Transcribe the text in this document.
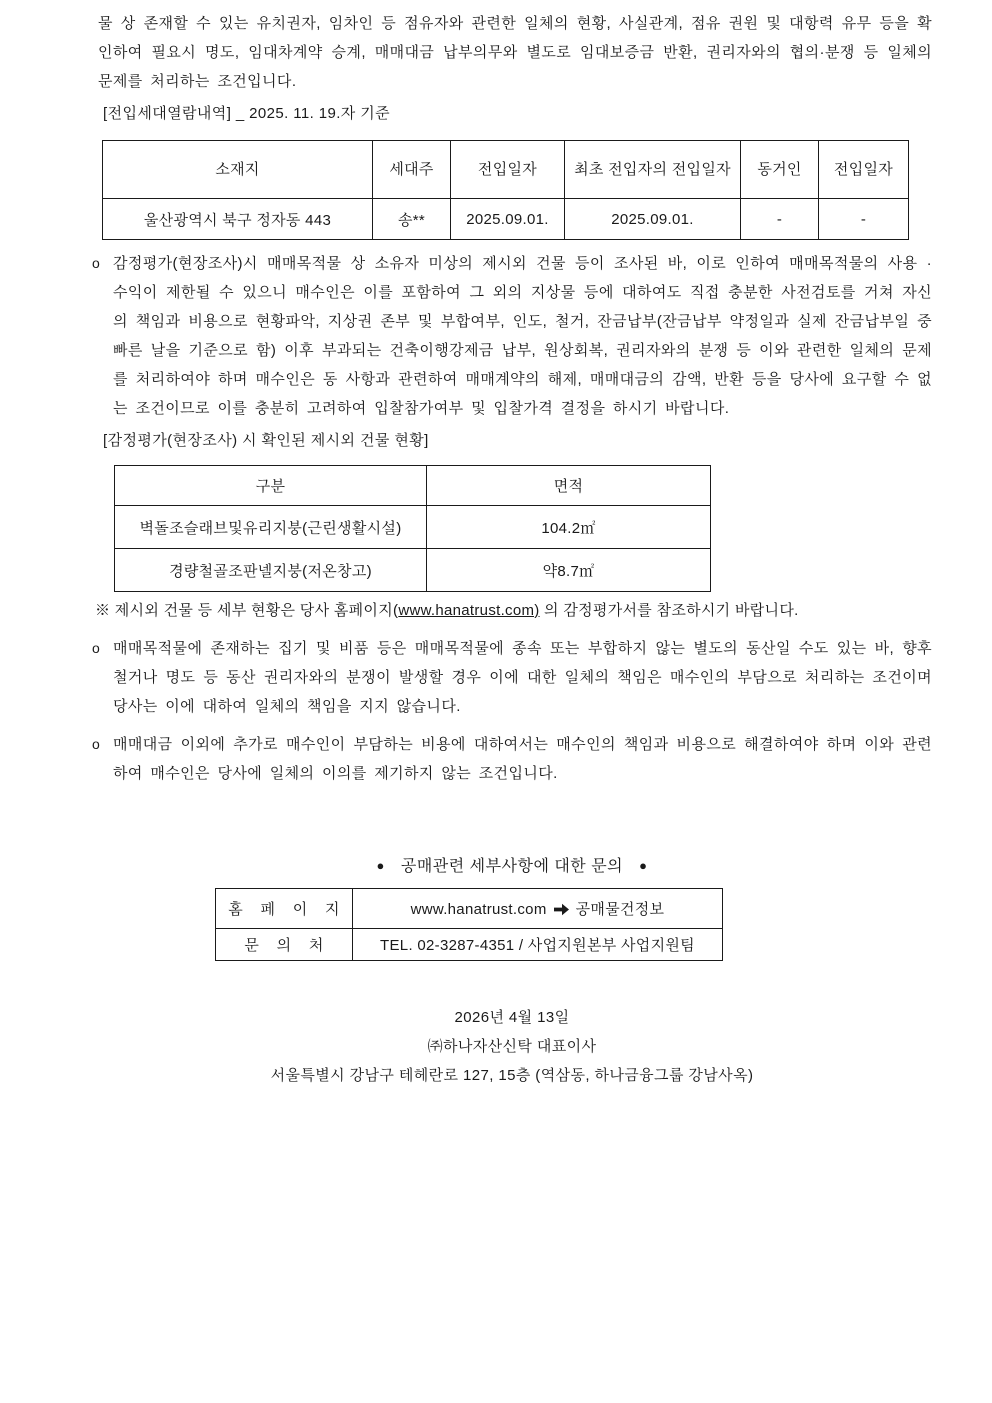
물 상 존재할 수 있는 유치권자, 임차인 등 점유자와 관련한 일체의 현황, 사실관계, 점유 권원 및 대항력 유무 등을 확인하여 필요시 명도, 임대차계약 승계, 매매대금 납부의무와 별도로 임대보증금 반환, 권리자와의 협의·분쟁 등 일체의 문제를 처리하는 조건입니다.

[전입세대열람내역] _ 2025. 11. 19.자 기준
소재지	세대주	전입일자	최초 전입자의 전입일자	동거인	전입일자
울산광역시 북구 정자동 443	송**	2025.09.01.	2025.09.01.	-	-
o 감정평가(현장조사)시 매매목적물 상 소유자 미상의 제시외 건물 등이 조사된 바, 이로 인하여 매매목적물의 사용 · 수익이 제한될 수 있으니 매수인은 이를 포함하여 그 외의 지상물 등에 대하여도 직접 충분한 사전검토를 거쳐 자신의 책임과 비용으로 현황파악, 지상권 존부 및 부합여부, 인도, 철거, 잔금납부(잔금납부 약정일과 실제 잔금납부일 중 빠른 날을 기준으로 함) 이후 부과되는 건축이행강제금 납부, 원상회복, 권리자와의 분쟁 등 이와 관련한 일체의 문제를 처리하여야 하며 매수인은 동 사항과 관련하여 매매계약의 해제, 매매대금의 감액, 반환 등을 당사에 요구할 수 없는 조건이므로 이를 충분히 고려하여 입찰참가여부 및 입찰가격 결정을 하시기 바랍니다.

[감정평가(현장조사) 시 확인된 제시외 건물 현황]
구분	면적
벽돌조슬래브및유리지붕(근린생활시설)	104.2㎡
경량철골조판넬지붕(저온창고)	약8.7㎡
※ 제시외 건물 등 세부 현황은 당사 홈페이지(www.hanatrust.com) 의 감정평가서를 참조하시기 바랍니다.
o 매매목적물에 존재하는 집기 및 비품 등은 매매목적물에 종속 또는 부합하지 않는 별도의 동산일 수도 있는 바, 향후 철거나 명도 등 동산 권리자와의 분쟁이 발생할 경우 이에 대한 일체의 책임은 매수인의 부담으로 처리하는 조건이며 당사는 이에 대하여 일체의 책임을 지지 않습니다.

o 매매대금 이외에 추가로 매수인이 부담하는 비용에 대하여서는 매수인의 책임과 비용으로 해결하여야 하며 이와 관련하여 매수인은 당사에 일체의 이의를 제기하지 않는 조건입니다.

● 공매관련 세부사항에 대한 문의 ●
홈 페 이 지	www.hanatrust.com 공매물건정보
문 의 처	TEL. 02-3287-4351 / 사업지원본부 사업지원팀
2026년 4월 13일
㈜하나자산신탁 대표이사
서울특별시 강남구 테헤란로 127, 15층 (역삼동, 하나금융그룹 강남사옥)
